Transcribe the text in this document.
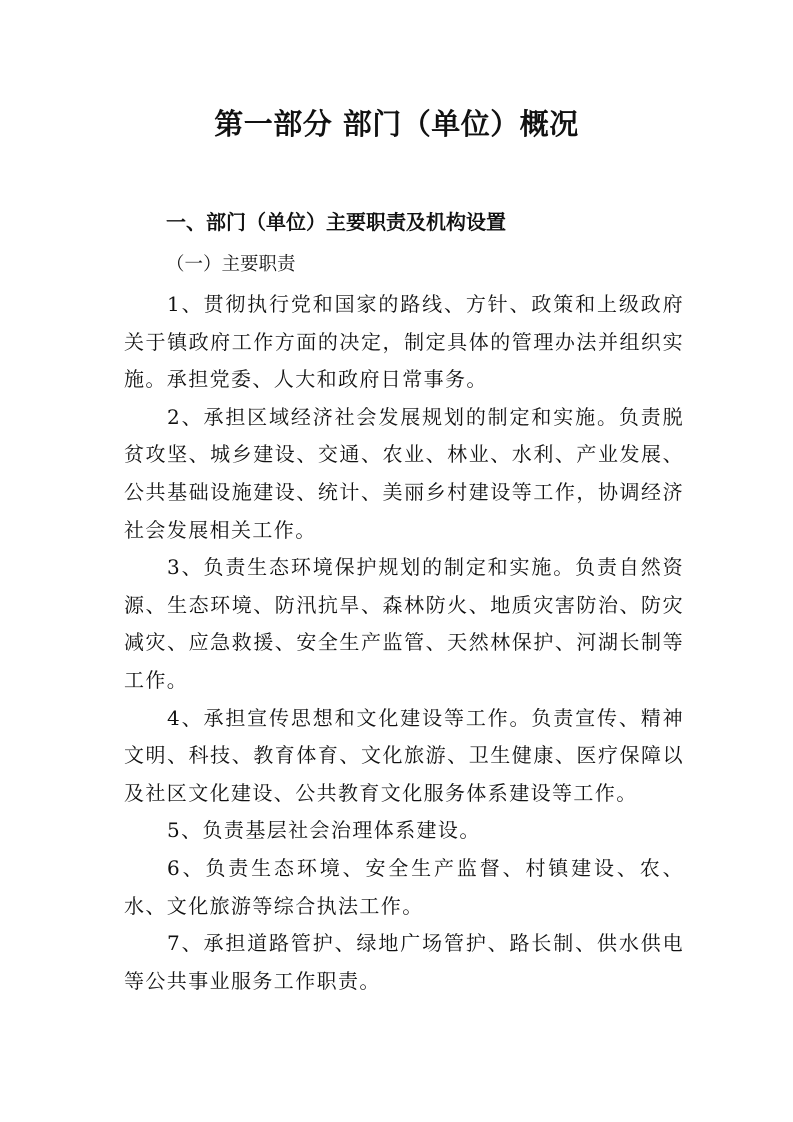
第一部分 部门（单位）概况
一、部门（单位）主要职责及机构设置
（一）主要职责

1、贯彻执行党和国家的路线、方针、政策和上级政府关于镇政府工作方面的决定，制定具体的管理办法并组织实施。承担党委、人大和政府日常事务。

2、承担区域经济社会发展规划的制定和实施。负责脱贫攻坚、城乡建设、交通、农业、林业、水利、产业发展、公共基础设施建设、统计、美丽乡村建设等工作，协调经济社会发展相关工作。

3、负责生态环境保护规划的制定和实施。负责自然资源、生态环境、防汛抗旱、森林防火、地质灾害防治、防灾减灾、应急救援、安全生产监管、天然林保护、河湖长制等工作。

4、承担宣传思想和文化建设等工作。负责宣传、精神文明、科技、教育体育、文化旅游、卫生健康、医疗保障以及社区文化建设、公共教育文化服务体系建设等工作。

5、负责基层社会治理体系建设。

6、负责生态环境、安全生产监督、村镇建设、农、水、文化旅游等综合执法工作。

7、承担道路管护、绿地广场管护、路长制、供水供电等公共事业服务工作职责。
